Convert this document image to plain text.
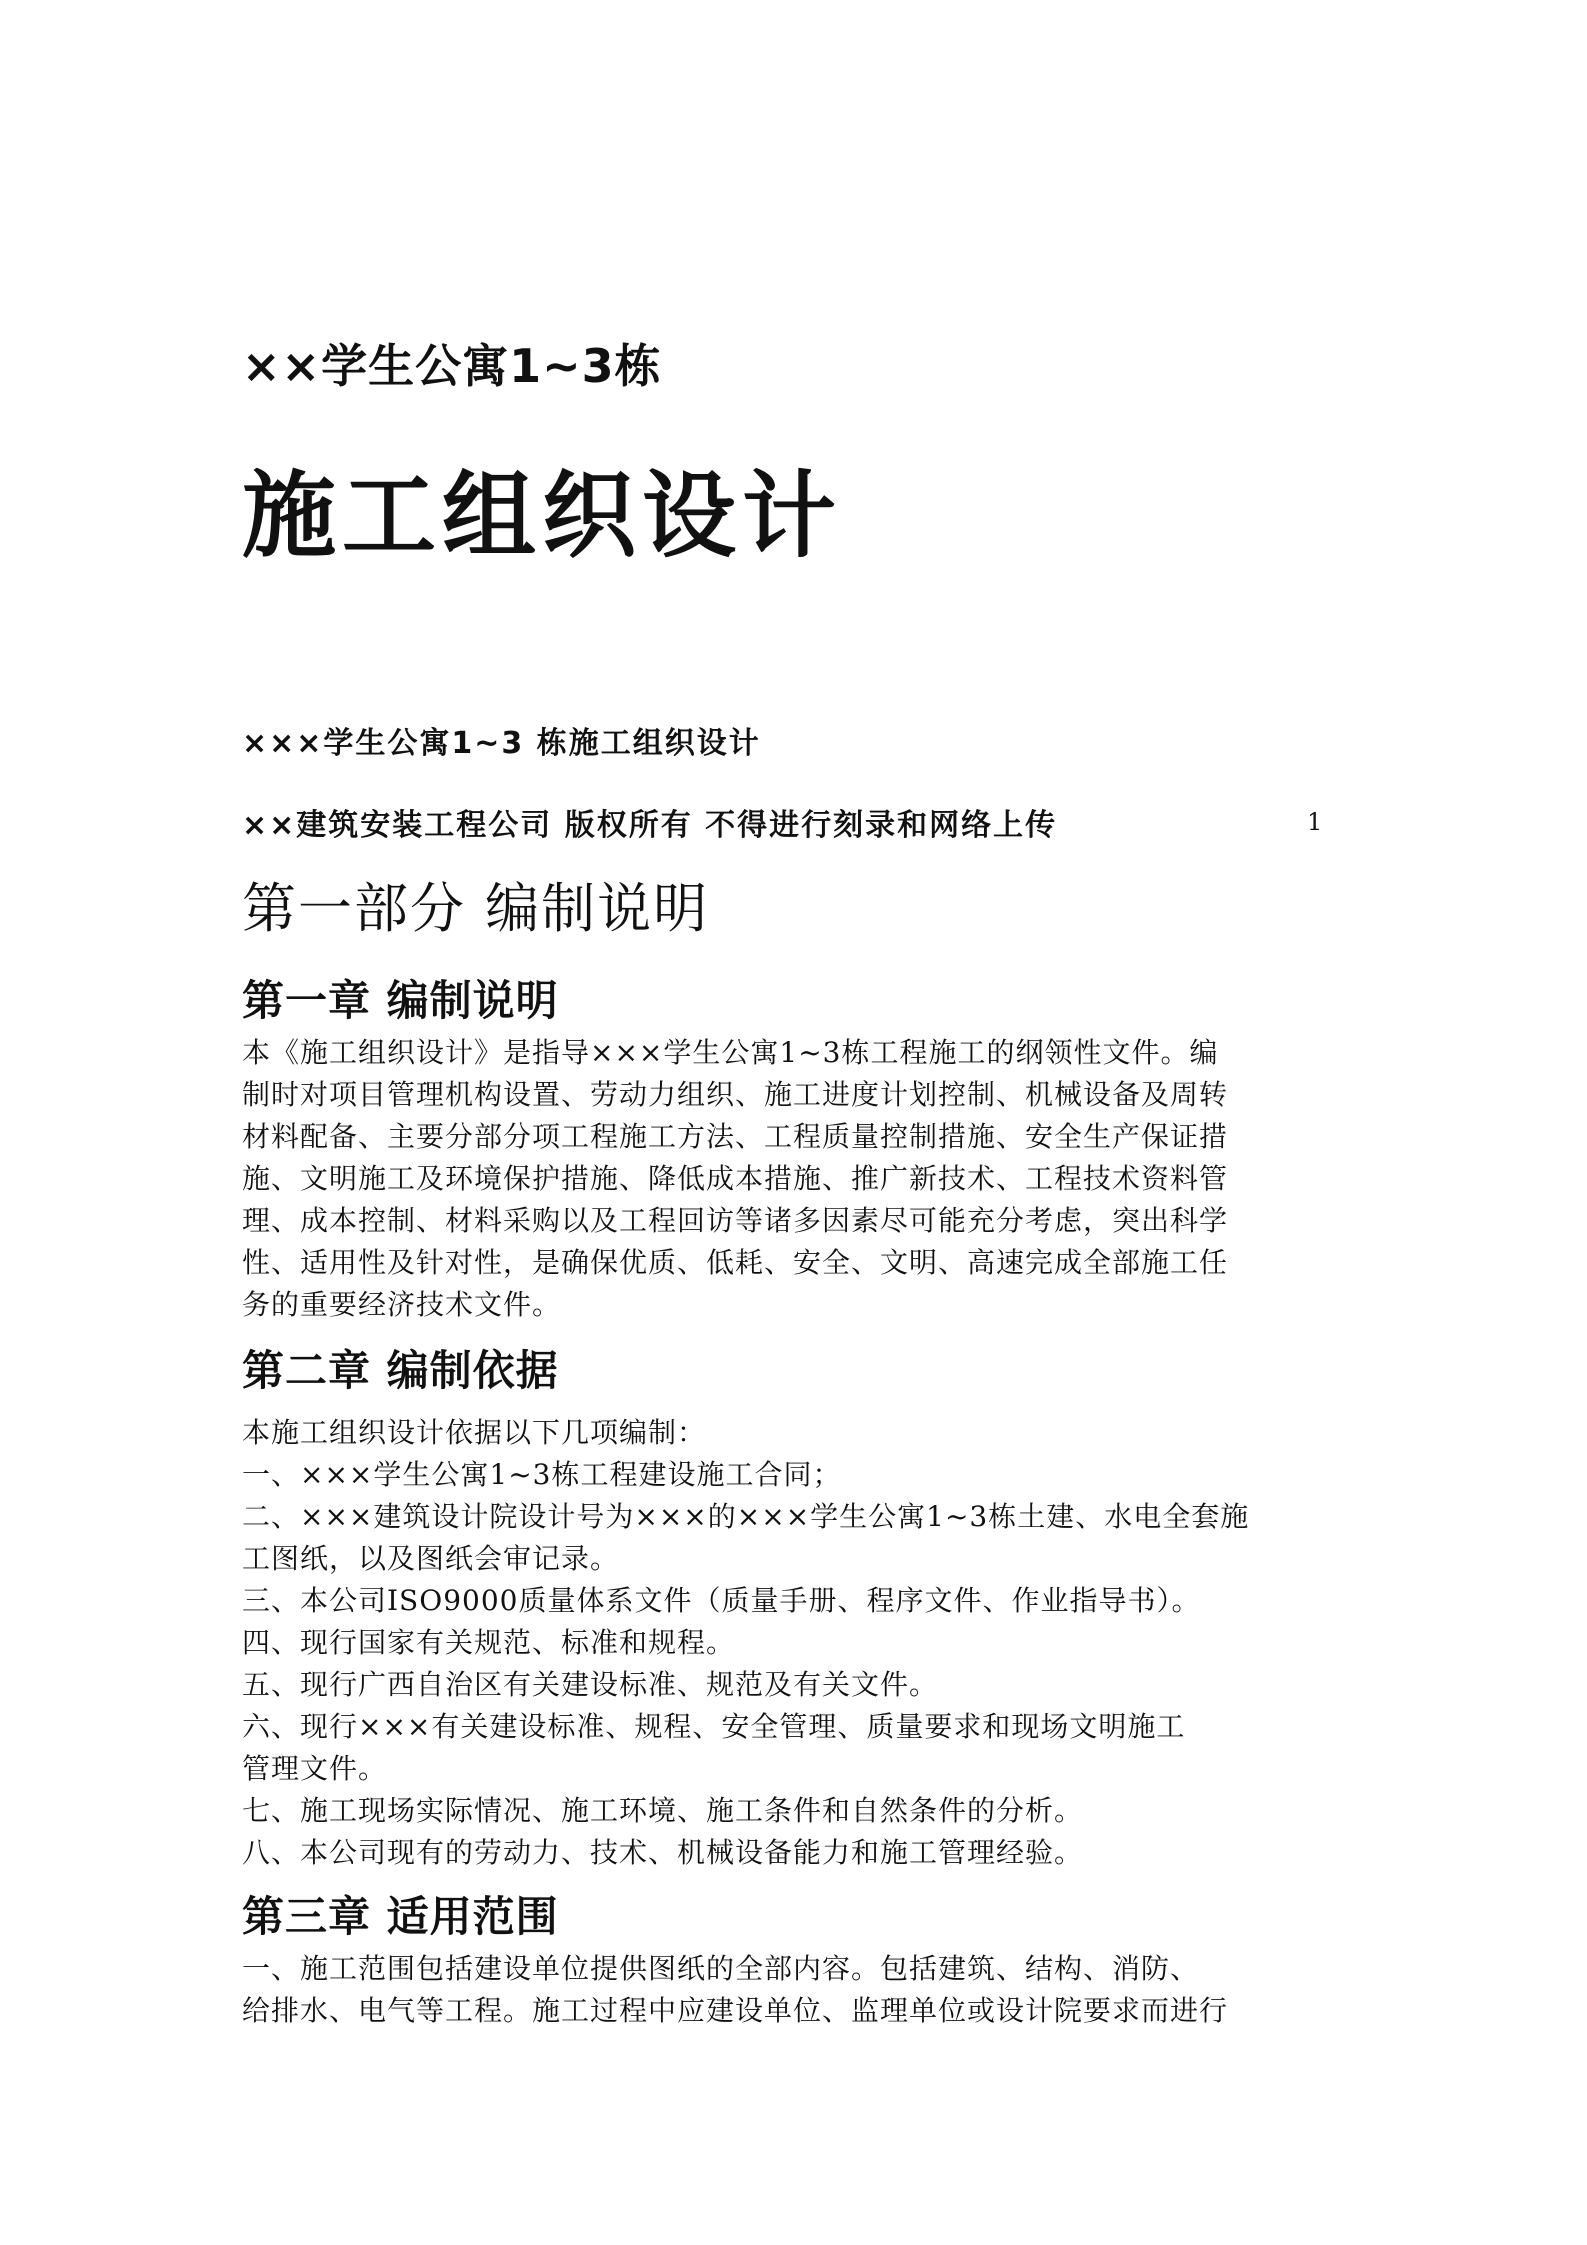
××学生公寓1~3栋
施工组织设计
×××学生公寓1~3 栋施工组织设计
××建筑安装工程公司 版权所有 不得进行刻录和网络上传	1
第一部分 编制说明
第一章 编制说明
本《施工组织设计》是指导×××学生公寓1~3栋工程施工的纲领性文件。编
制时对项目管理机构设置、劳动力组织、施工进度计划控制、机械设备及周转
材料配备、主要分部分项工程施工方法、工程质量控制措施、安全生产保证措
施、文明施工及环境保护措施、降低成本措施、推广新技术、工程技术资料管
理、成本控制、材料采购以及工程回访等诸多因素尽可能充分考虑，突出科学
性、适用性及针对性，是确保优质、低耗、安全、文明、高速完成全部施工任
务的重要经济技术文件。
第二章 编制依据
本施工组织设计依据以下几项编制：
一、×××学生公寓1~3栋工程建设施工合同；
二、×××建筑设计院设计号为×××的×××学生公寓1~3栋土建、水电全套施
工图纸，以及图纸会审记录。
三、本公司ISO9000质量体系文件（质量手册、程序文件、作业指导书）。
四、现行国家有关规范、标准和规程。
五、现行广西自治区有关建设标准、规范及有关文件。
六、现行×××有关建设标准、规程、安全管理、质量要求和现场文明施工
管理文件。
七、施工现场实际情况、施工环境、施工条件和自然条件的分析。
八、本公司现有的劳动力、技术、机械设备能力和施工管理经验。
第三章 适用范围
一、施工范围包括建设单位提供图纸的全部内容。包括建筑、结构、消防、
给排水、电气等工程。施工过程中应建设单位、监理单位或设计院要求而进行
